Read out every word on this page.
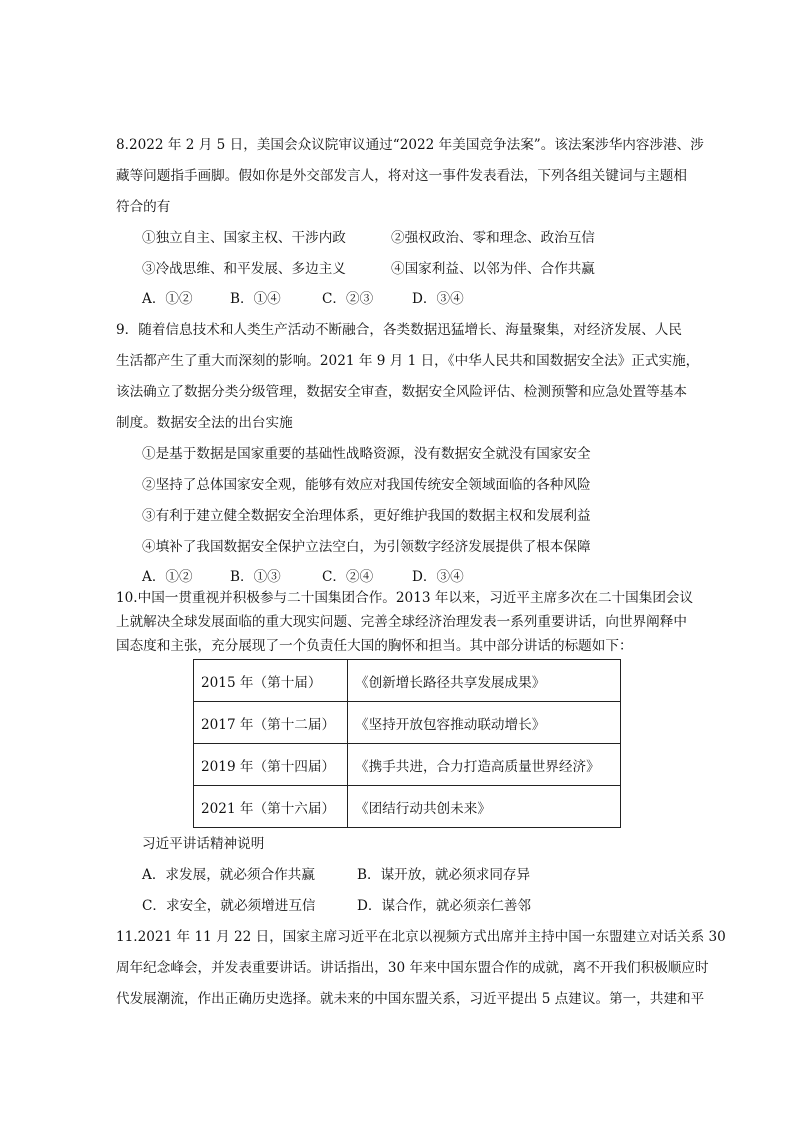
8.2022 年 2 月 5 日，美国会众议院审议通过“2022 年美国竞争法案”。该法案涉华内容涉港、涉
藏等问题指手画脚。假如你是外交部发言人，将对这一事件发表看法，下列各组关键词与主题相
符合的有
①独立自主、国家主权、干涉内政	②强权政治、零和理念、政治互信
③冷战思维、和平发展、多边主义	④国家利益、以邻为伴、合作共赢
A．①②	B．①④	C．②③	D．③④
9．随着信息技术和人类生产活动不断融合，各类数据迅猛增长、海量聚集，对经济发展、人民
生活都产生了重大而深刻的影响。2021 年 9 月 1 日，《中华人民共和国数据安全法》正式实施，
该法确立了数据分类分级管理，数据安全审查，数据安全风险评估、检测预警和应急处置等基本
制度。数据安全法的出台实施
①是基于数据是国家重要的基础性战略资源，没有数据安全就没有国家安全
②坚持了总体国家安全观，能够有效应对我国传统安全领域面临的各种风险
③有利于建立健全数据安全治理体系，更好维护我国的数据主权和发展利益
④填补了我国数据安全保护立法空白，为引领数字经济发展提供了根本保障
A．①②	B．①③	C．②④	D．③④
10.中国一贯重视并积极参与二十国集团合作。2013 年以来，习近平主席多次在二十国集团会议
上就解决全球发展面临的重大现实问题、完善全球经济治理发表一系列重要讲话，向世界阐释中
国态度和主张，充分展现了一个负责任大国的胸怀和担当。其中部分讲话的标题如下：
2015 年（第十届）	《创新增长路径共享发展成果》
2017 年（第十二届）	《坚持开放包容推动联动增长》
2019 年（第十四届）	《携手共进，合力打造高质量世界经济》
2021 年（第十六届）	《团结行动共创未来》
习近平讲话精神说明
A．求发展，就必须合作共赢	B．谋开放，就必须求同存异
C．求安全，就必须增进互信	D．谋合作，就必须亲仁善邻
11.2021 年 11 月 22 日，国家主席习近平在北京以视频方式出席并主持中国一东盟建立对话关系 30
周年纪念峰会，并发表重要讲话。讲话指出，30 年来中国东盟合作的成就，离不开我们积极顺应时
代发展潮流，作出正确历史选择。就未来的中国东盟关系，习近平提出 5 点建议。第一，共建和平
